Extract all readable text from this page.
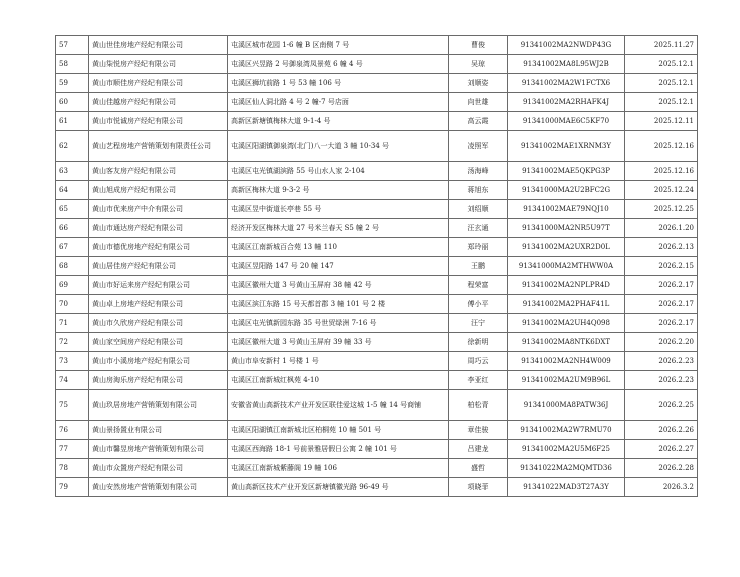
57	黄山世佳房地产经纪有限公司	屯溪区城市花园 1-6 幢 B 区南侧 7 号	曹俊	91341002MA2NWDP43G	2025.11.27
58	黄山柒悦房产经纪有限公司	屯溪区兴昱路 2 号御泉湾凤景苑 6 幢 4 号	吴琼	91341002MA8L95WJ2B	2025.12.1
59	黄山市顺佳房产经纪有限公司	屯溪区狮坑前路 1 号 53 幢 106 号	刘顺姿	91341002MA2W1FCTX6	2025.12.1
60	黄山佳越房产经纪有限公司	屯溪区仙人洞北路 4 号 2 幢-7 号店面	向世雄	91341002MA2RHAFK4J	2025.12.1
61	黄山市悦诚房产经纪有限公司	高新区新塘镇梅林大道 9-1-4 号	高云霞	91341000MAE6C5KF70	2025.12.11
62	黄山艺程房地产营销策划有限责任公司	屯溪区阳湖镇御泉湾(北门)八一大道 3 幢 10-34 号	凌照军	91341002MAE1XRNM3Y	2025.12.16
63	黄山客友房产经纪有限公司	屯溪区屯光镇湖滨路 55 号山水人家 2-104	汤海峰	91341002MAE5QKPG3P	2025.12.16
64	黄山旭成房产经纪有限公司	高新区梅林大道 9-3-2 号	蒋旭东	91341000MA2U2BFC2G	2025.12.24
65	黄山市优来房产中介有限公司	屯溪区昱中街道长亭巷 55 号	刘绍顺	91341002MAE79NQJ10	2025.12.25
66	黄山市通达房产经纪有限公司	经济开发区梅林大道 27 号米兰春天 S5 幢 2 号	汪玄通	91341000MA2NR5U97T	2026.1.20
67	黄山市德优房地产经纪有限公司	屯溪区江南新城百合苑 13 幢 110	郑玲丽	91341002MA2UXR2D0L	2026.2.13
68	黄山居佳房产经纪有限公司	屯溪区昱阳路 147 号 20 幢 147	王鹏	91341000MA2MTHWW0A	2026.2.15
69	黄山市好运来房产经纪有限公司	屯溪区徽州大道 3 号黄山玉屏府 38 幢 42 号	程荣富	91341002MA2NPLPR4D	2026.2.17
70	黄山卓上房地产经纪有限公司	屯溪区滨江东路 15 号天都首郡 3 幢 101 号 2 楼	傅小平	91341002MA2PHAF41L	2026.2.17
71	黄山市久欣房产经纪有限公司	屯溪区屯光镇新园东路 35 号世贸绿洲 7-16 号	汪宁	91341002MA2UH4Q098	2026.2.17
72	黄山家空间房产经纪有限公司	屯溪区徽州大道 3 号黄山玉屏府 39 幢 33 号	徐新明	91341002MA8NTK6DXT	2026.2.20
73	黄山市小溪房地产经纪有限公司	黄山市阜安新村 1 号楼 1 号	周巧云	91341002MA2NH4W009	2026.2.23
74	黄山房淘乐房产经纪有限公司	屯溪区江南新城红枫苑 4-10	李亚红	91341002MA2UM9B96L	2026.2.23
75	黄山玖居房地产营销策划有限公司	安徽省黄山高新技术产业开发区联佳爱这城 1-5 幢 14 号商铺	柏松青	91341000MA8PATW36J	2026.2.25
76	黄山景扬置业有限公司	屯溪区阳湖镇江南新城北区柏桐苑 10 幢 501 号	章佳骏	91341002MA2W7RMU70	2026.2.26
77	黄山市馨昱房地产营销策划有限公司	屯溪区西海路 18-1 号前景雅居假日公寓 2 幢 101 号	吕建龙	91341002MA2U5M6F25	2026.2.27
78	黄山市众置房产经纪有限公司	屯溪区江南新城紫藤阁 19 幢 106	盛哲	91341022MA2MQMTD36	2026.2.28
79	黄山安然房地产营销策划有限公司	黄山高新区技术产业开发区新塘镇徽光路 96-49 号	项晓菲	91341022MAD3T27A3Y	2026.3.2
